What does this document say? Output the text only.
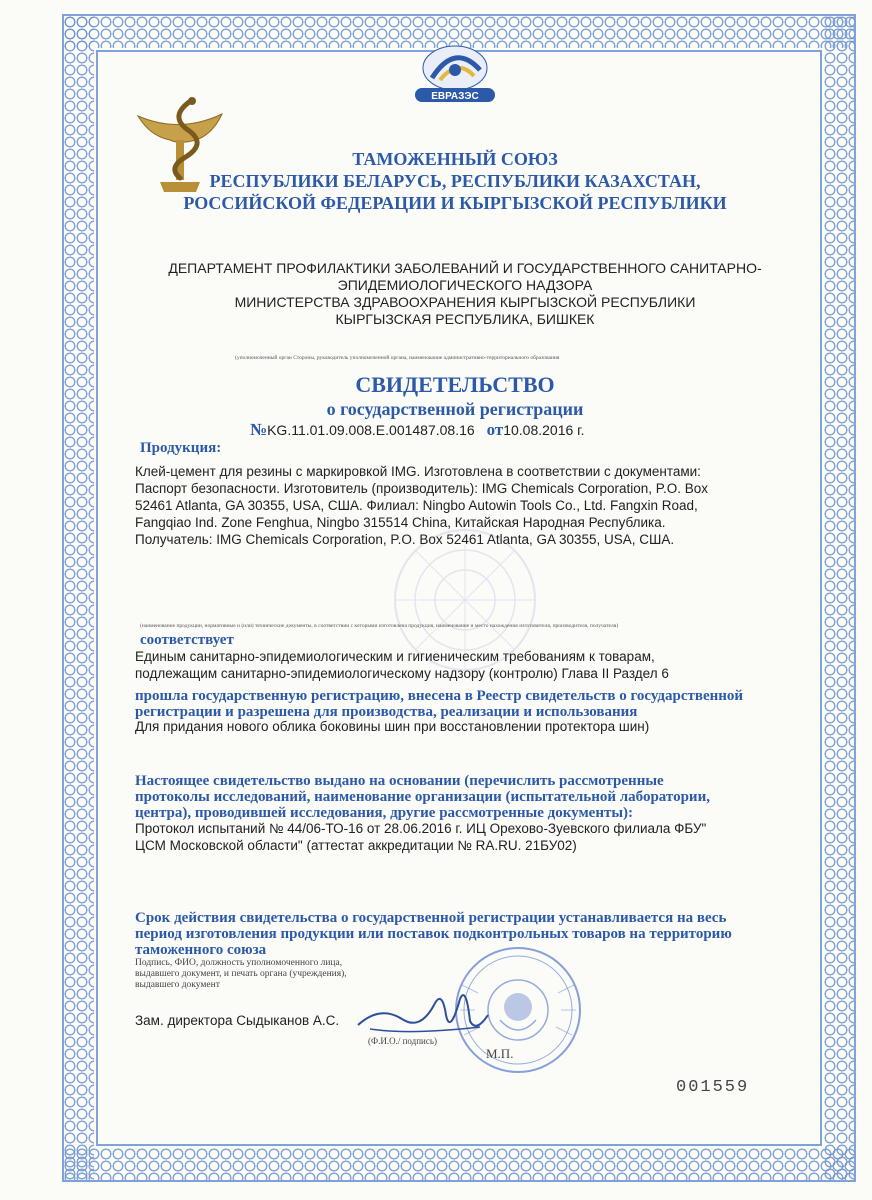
ЕВРАЗЭС
ТАМОЖЕННЫЙ СОЮЗ
РЕСПУБЛИКИ БЕЛАРУСЬ, РЕСПУБЛИКИ КАЗАХСТАН,
РОССИЙСКОЙ ФЕДЕРАЦИИ И КЫРГЫЗСКОЙ РЕСПУБЛИКИ
ДЕПАРТАМЕНТ ПРОФИЛАКТИКИ ЗАБОЛЕВАНИЙ И ГОСУДАРСТВЕННОГО САНИТАРНО-
ЭПИДЕМИОЛОГИЧЕСКОГО НАДЗОРА
МИНИСТЕРСТВА ЗДРАВООХРАНЕНИЯ КЫРГЫЗСКОЙ РЕСПУБЛИКИ
КЫРГЫЗСКАЯ РЕСПУБЛИКА, БИШКЕК
(уполномоченный орган Стороны, руководитель уполномоченной органа, наименование административно-территориального образования
СВИДЕТЕЛЬСТВО
о государственной регистрации
№KG.11.01.09.008.Е.001487.08.16 от10.08.2016 г.
Продукция:
Клей-цемент для резины с маркировкой IMG. Изготовлена в соответствии с документами:
Паспорт безопасности. Изготовитель (производитель): IMG Chemicals Corporation, P.O. Box
52461 Atlanta, GA 30355, USA, США. Филиал: Ningbo Autowin Tools Co., Ltd. Fangxin Road,
Fangqiao Ind. Zone Fenghua, Ningbo 315514 China, Китайская Народная Республика.
Получатель: IMG Chemicals Corporation, P.O. Box 52461 Atlanta, GA 30355, USA, США.
(наименование продукции, нормативные и (или) технические документы, в соответствии с которыми изготовлена продукция, наименование и место нахождения изготовителя, производителя, получателя)
соответствует
Единым санитарно-эпидемиологическим и гигиеническим требованиям к товарам,
подлежащим санитарно-эпидемиологическому надзору (контролю) Глава II Раздел 6
прошла государственную регистрацию, внесена в Реестр свидетельств о государственной
регистрации и разрешена для производства, реализации и использования
Для придания нового облика боковины шин при восстановлении протектора шин)
Настоящее свидетельство выдано на основании (перечислить рассмотренные
протоколы исследований, наименование организации (испытательной лаборатории,
центра), проводившей исследования, другие рассмотренные документы):
Протокол испытаний № 44/06-ТО-16 от 28.06.2016 г. ИЦ Орехово-Зуевского филиала ФБУ"
ЦСМ Московской области" (аттестат аккредитации № RA.RU. 21БУ02)
Срок действия свидетельства о государственной регистрации устанавливается на весь
период изготовления продукции или поставок подконтрольных товаров на территорию
таможенного союза
Подпись, ФИО, должность уполномоченного лица,
выдавшего документ, и печать органа (учреждения),
выдавшего документ
Зам. директора Сыдыканов А.С.
(Ф.И.О./ подпись)
М.П.
001559
